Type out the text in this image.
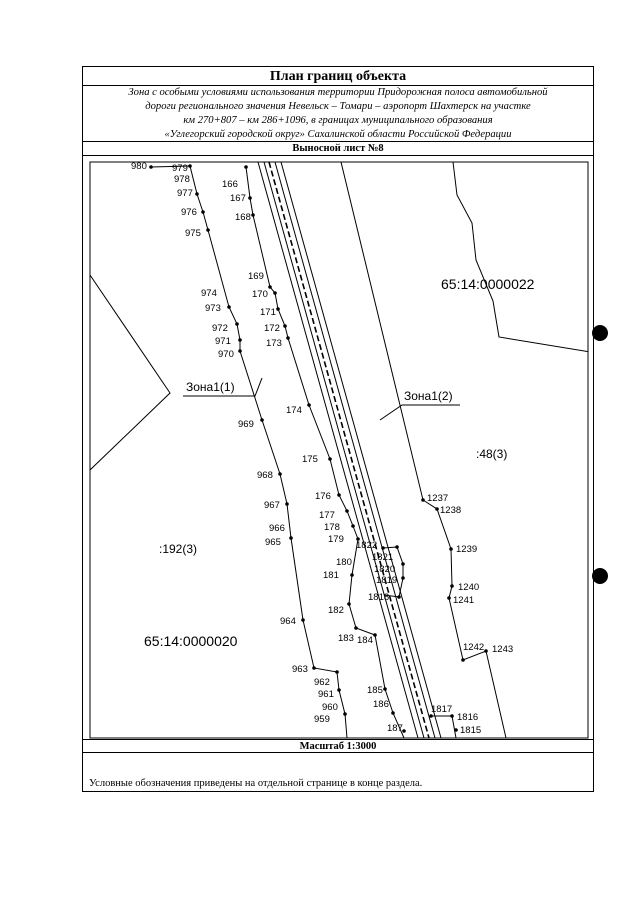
План границ объекта
Зона с особыми условиями использования территории Придорожная полоса автомобильной
дороги регионального значения Невельск – Томари – аэропорт Шахтерск на участке
км 270+807 – км 286+1096, в границах муниципального образования
«Углегорский городской округ» Сахалинской области Российской Федерации
Выносной лист №8
Масштаб 1:3000
Условные обозначения приведены на отдельной странице в конце раздела.
980	979
978
977
976
975
974
973
972
971
970
969
968
967
966
965
964
963
962
961
960
959
166
167
168
169
170
171
172
173
174
175
176
177
178
179
180
181
182
183 184
185
186
187
1822
1821
1820
1819
1818
1817
1816
1815
1237
1238
1239
1240
1241
1242 1243
65:14:0000022
65:14:0000020
:48(3)
:192(3)
Зона1(1)
Зона1(2)
